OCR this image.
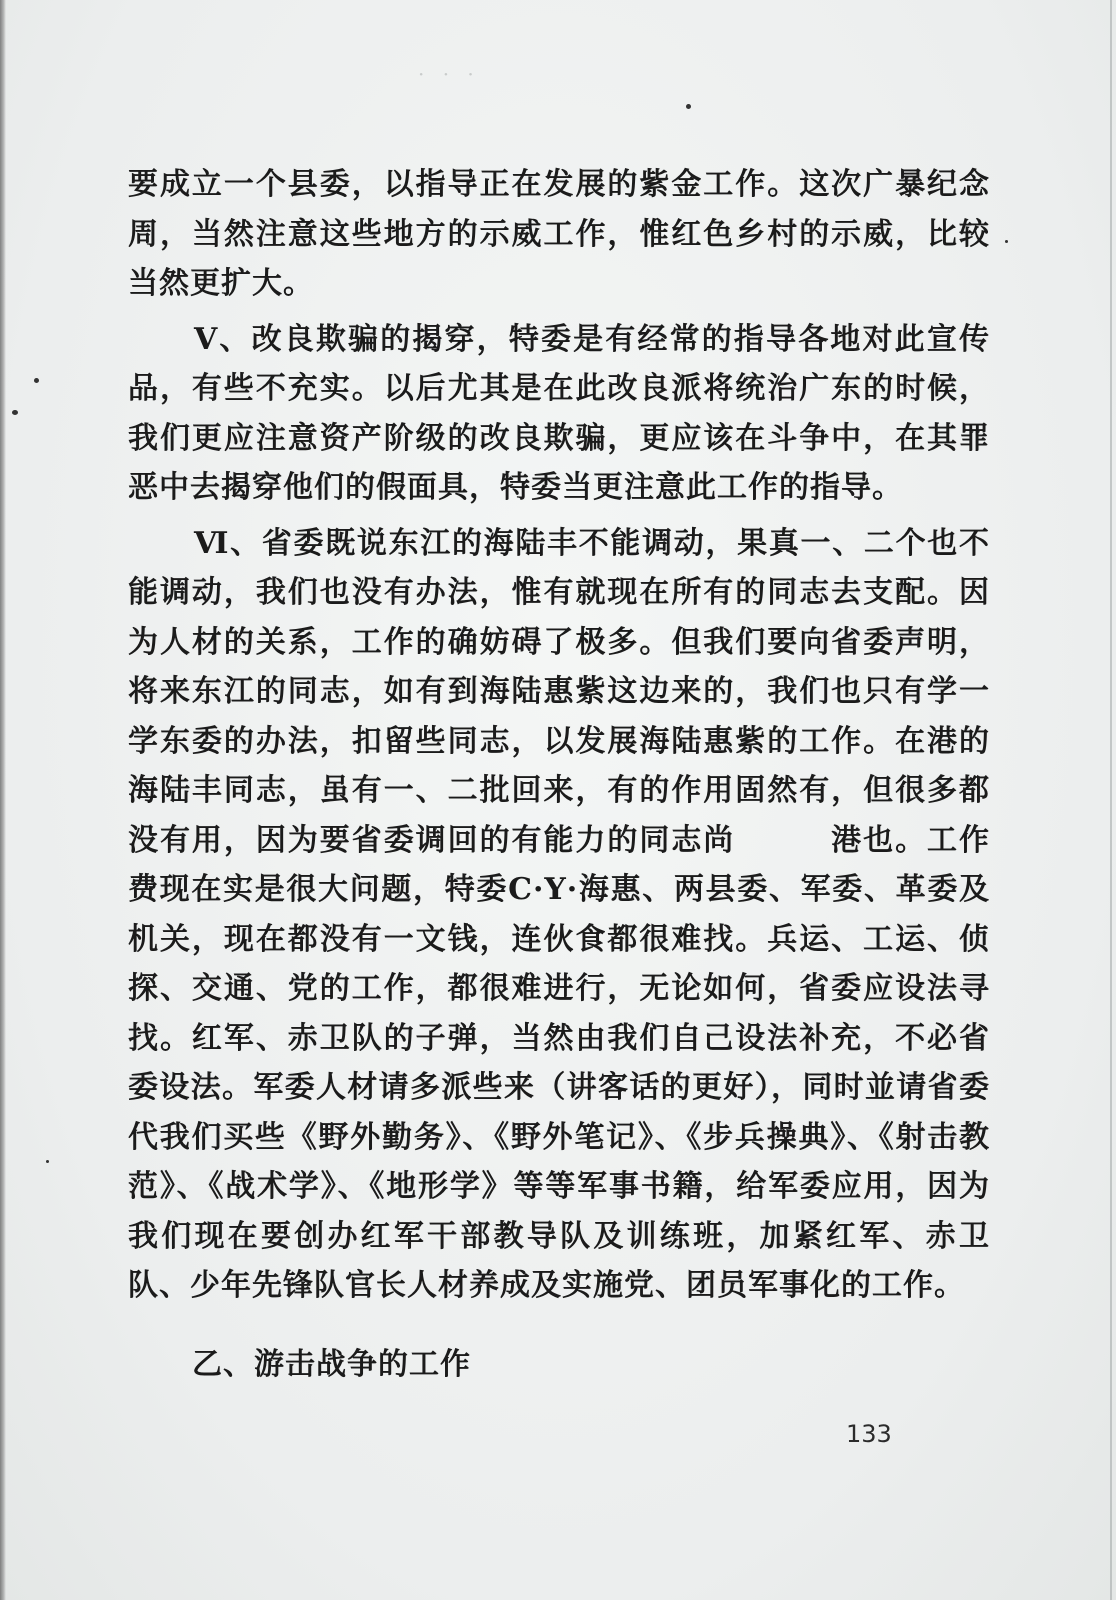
· · ·

要成立一个县委，以指导正在发展的紫金工作。这次广暴纪念周，当然注意这些地方的示威工作，惟红色乡村的示威，比较当然更扩大。

Ⅴ、改良欺骗的揭穿，特委是有经常的指导各地对此宣传品，有些不充实。以后尤其是在此改良派将统治广东的时候，我们更应注意资产阶级的改良欺骗，更应该在斗争中，在其罪恶中去揭穿他们的假面具，特委当更注意此工作的指导。

Ⅵ、省委既说东江的海陆丰不能调动，果真一、二个也不能调动，我们也没有办法，惟有就现在所有的同志去支配。因为人材的关系，工作的确妨碍了极多。但我们要向省委声明，将来东江的同志，如有到海陆惠紫这边来的，我们也只有学一学东委的办法，扣留些同志，以发展海陆惠紫的工作。在港的海陆丰同志，虽有一、二批回来，有的作用固然有，但很多都没有用，因为要省委调回的有能力的同志尚　　　港也。工作费现在实是很大问题，特委C·Y·海惠、两县委、军委、革委及机关，现在都没有一文钱，连伙食都很难找。兵运、工运、侦探、交通、党的工作，都很难进行，无论如何，省委应设法寻找。红军、赤卫队的子弹，当然由我们自己设法补充，不必省委设法。军委人材请多派些来（讲客话的更好），同时並请省委代我们买些《野外勤务》、《野外笔记》、《步兵操典》、《射击教范》、《战术学》、《地形学》等等军事书籍，给军委应用，因为我们现在要创办红军干部教导队及训练班，加紧红军、赤卫队、少年先锋队官长人材养成及实施党、团员军事化的工作。

乙、游击战争的工作
133
